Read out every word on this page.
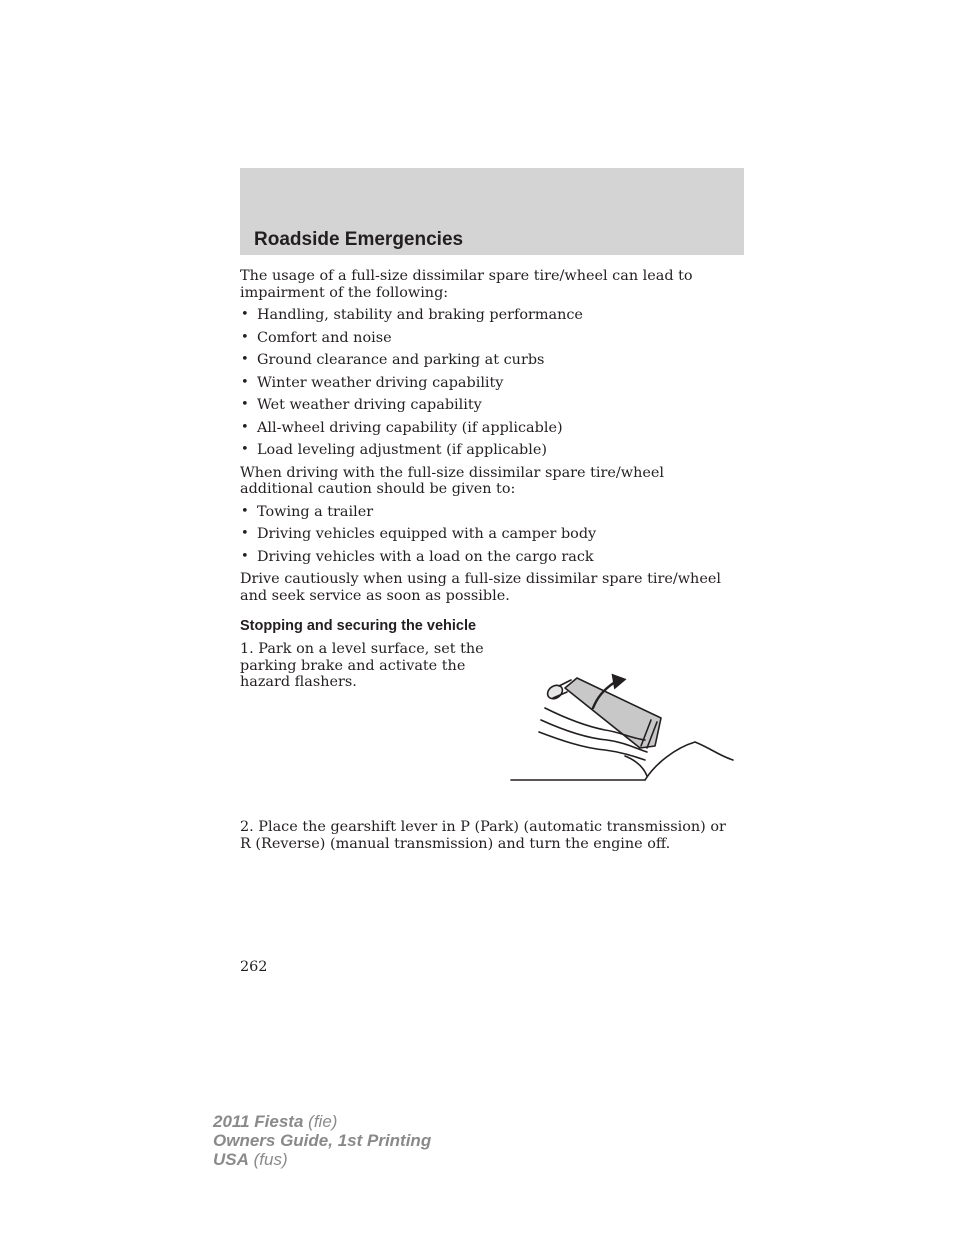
Roadside Emergencies

The usage of a full-size dissimilar spare tire/wheel can lead to impairment of the following:

• Handling, stability and braking performance
• Comfort and noise
• Ground clearance and parking at curbs
• Winter weather driving capability
• Wet weather driving capability
• All-wheel driving capability (if applicable)
• Load leveling adjustment (if applicable)

When driving with the full-size dissimilar spare tire/wheel additional caution should be given to:

• Towing a trailer
• Driving vehicles equipped with a camper body
• Driving vehicles with a load on the cargo rack

Drive cautiously when using a full-size dissimilar spare tire/wheel and seek service as soon as possible.

Stopping and securing the vehicle

1. Park on a level surface, set the parking brake and activate the hazard flashers.

2. Place the gearshift lever in P (Park) (automatic transmission) or R (Reverse) (manual transmission) and turn the engine off.

262

2011 Fiesta (fie)
Owners Guide, 1st Printing
USA (fus)
